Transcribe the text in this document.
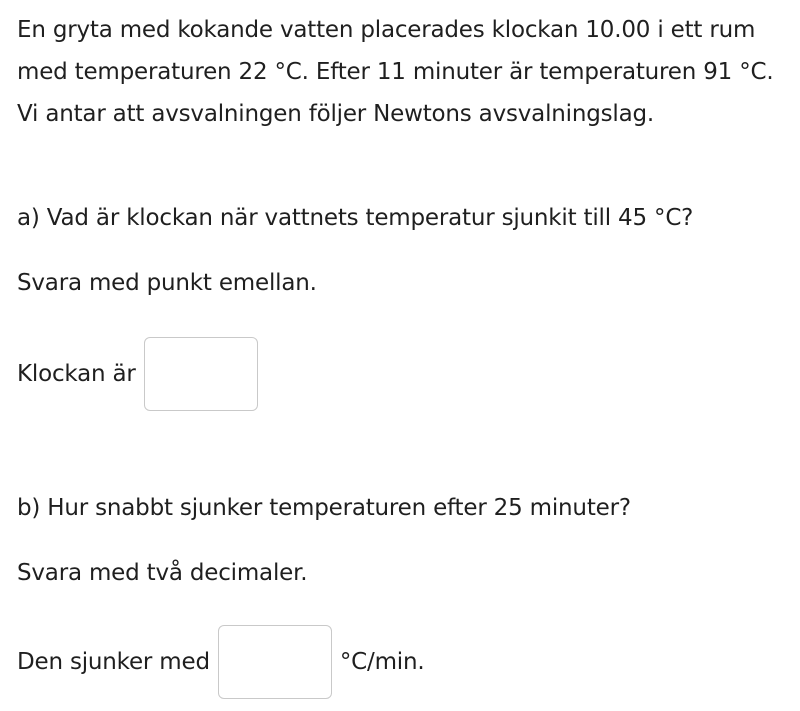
En gryta med kokande vatten placerades klockan 10.00 i ett rum med temperaturen 22 °C. Efter 11 minuter är temperaturen 91 °C. Vi antar att avsvalningen följer Newtons avsvalningslag.

a) Vad är klockan när vattnets temperatur sjunkit till 45 °C?

Svara med punkt emellan.

Klockan är

b) Hur snabbt sjunker temperaturen efter 25 minuter?

Svara med två decimaler.

Den sjunker med	°C/min.
